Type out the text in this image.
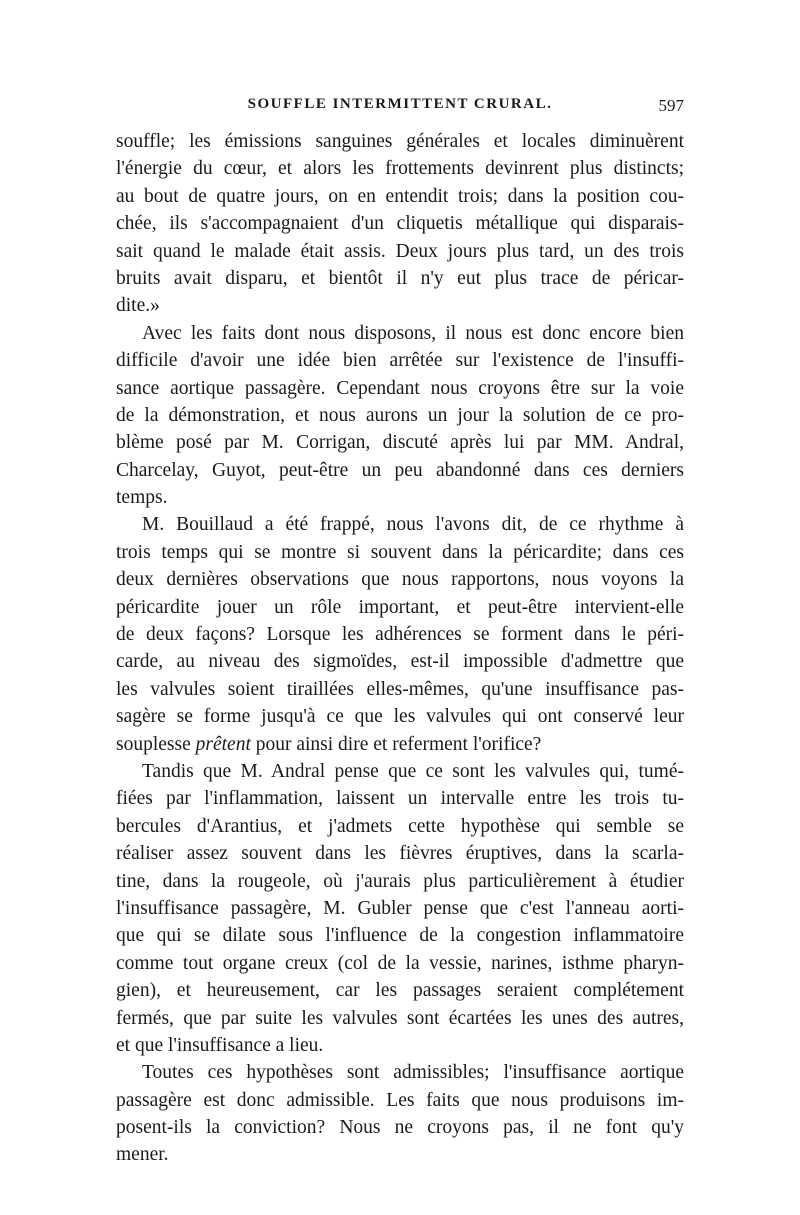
SOUFFLE INTERMITTENT CRURAL.	597
souffle; les émissions sanguines générales et locales diminuèrent
l'énergie du cœur, et alors les frottements devinrent plus distincts;
au bout de quatre jours, on en entendit trois; dans la position cou-
chée, ils s'accompagnaient d'un cliquetis métallique qui disparais-
sait quand le malade était assis. Deux jours plus tard, un des trois
bruits avait disparu, et bientôt il n'y eut plus trace de péricar-
dite.»
Avec les faits dont nous disposons, il nous est donc encore bien
difficile d'avoir une idée bien arrêtée sur l'existence de l'insuffi-
sance aortique passagère. Cependant nous croyons être sur la voie
de la démonstration, et nous aurons un jour la solution de ce pro-
blème posé par M. Corrigan, discuté après lui par MM. Andral,
Charcelay, Guyot, peut-être un peu abandonné dans ces derniers
temps.
M. Bouillaud a été frappé, nous l'avons dit, de ce rhythme à
trois temps qui se montre si souvent dans la péricardite; dans ces
deux dernières observations que nous rapportons, nous voyons la
péricardite jouer un rôle important, et peut-être intervient-elle
de deux façons? Lorsque les adhérences se forment dans le péri-
carde, au niveau des sigmoïdes, est-il impossible d'admettre que
les valvules soient tiraillées elles-mêmes, qu'une insuffisance pas-
sagère se forme jusqu'à ce que les valvules qui ont conservé leur
souplesse prêtent pour ainsi dire et referment l'orifice?
Tandis que M. Andral pense que ce sont les valvules qui, tumé-
fiées par l'inflammation, laissent un intervalle entre les trois tu-
bercules d'Arantius, et j'admets cette hypothèse qui semble se
réaliser assez souvent dans les fièvres éruptives, dans la scarla-
tine, dans la rougeole, où j'aurais plus particulièrement à étudier
l'insuffisance passagère, M. Gubler pense que c'est l'anneau aorti-
que qui se dilate sous l'influence de la congestion inflammatoire
comme tout organe creux (col de la vessie, narines, isthme pharyn-
gien), et heureusement, car les passages seraient complétement
fermés, que par suite les valvules sont écartées les unes des autres,
et que l'insuffisance a lieu.
Toutes ces hypothèses sont admissibles; l'insuffisance aortique
passagère est donc admissible. Les faits que nous produisons im-
posent-ils la conviction? Nous ne croyons pas, il ne font qu'y
mener.
